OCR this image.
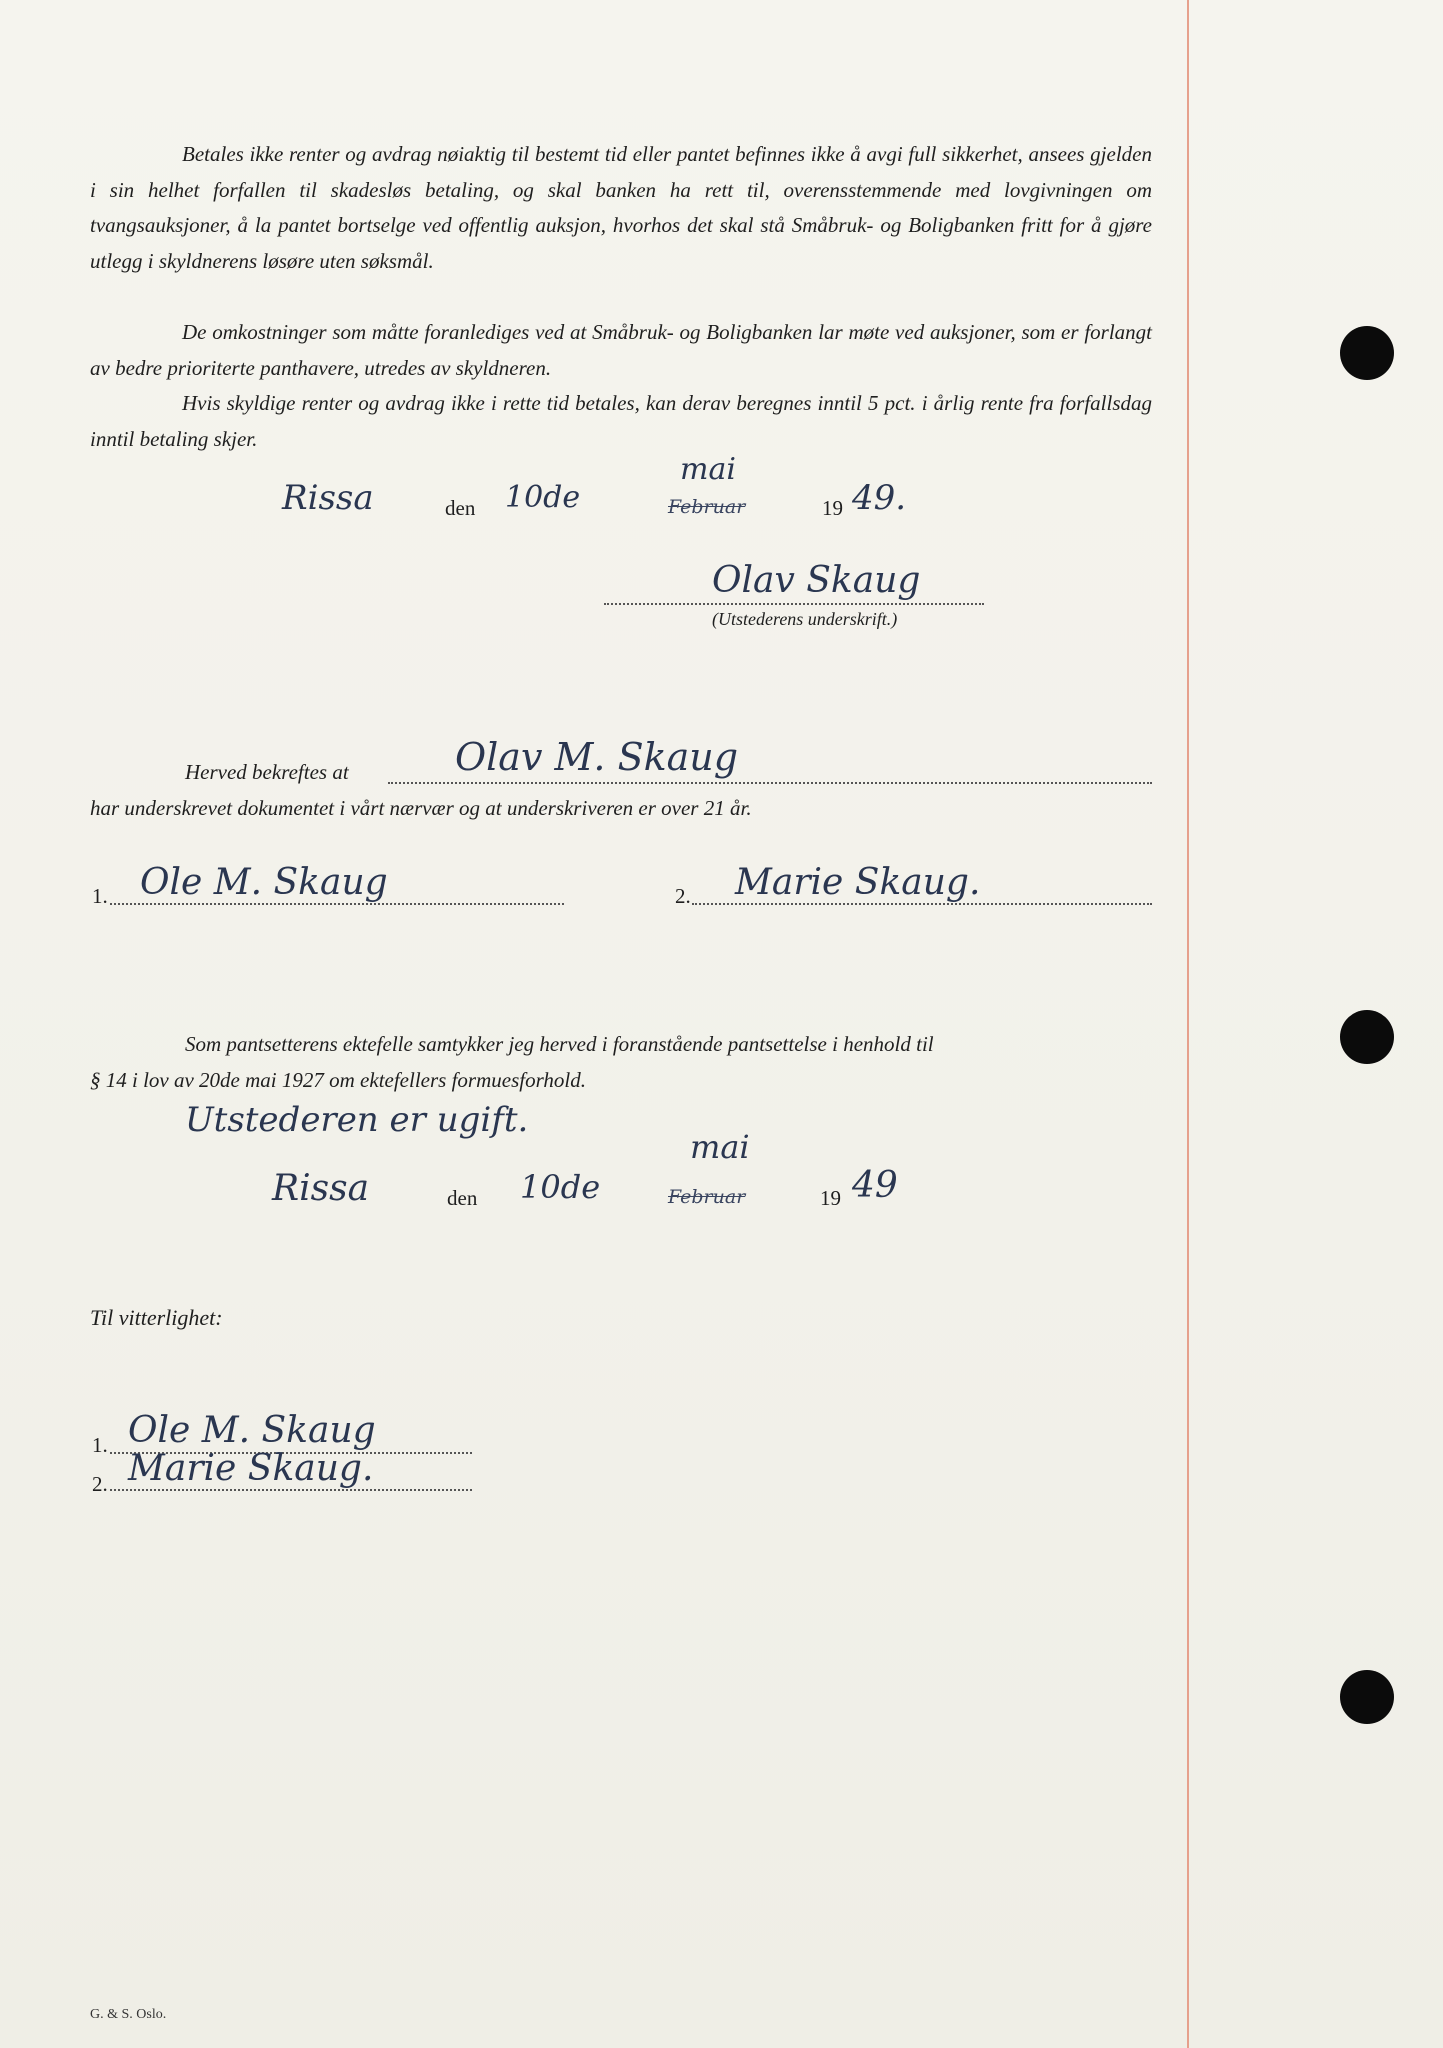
Betales ikke renter og avdrag nøiaktig til bestemt tid eller pantet befinnes ikke å avgi full sikkerhet, ansees gjelden i sin helhet forfallen til skadesløs betaling, og skal banken ha rett til, overensstemmende med lovgivningen om tvangsauksjoner, å la pantet bortselge ved offentlig auksjon, hvorhos det skal stå Småbruk- og Boligbanken fritt for å gjøre utlegg i skyldnerens løsøre uten søksmål.

De omkostninger som måtte foranlediges ved at Småbruk- og Boligbanken lar møte ved auksjoner, som er forlangt av bedre prioriterte panthavere, utredes av skyldneren.

Hvis skyldige renter og avdrag ikke i rette tid betales, kan derav beregnes inntil 5 pct. i årlig rente fra forfallsdag inntil betaling skjer.

Rissa	den 10de
mai
Februar	19 49.
Olav Skaug
(Utstederens underskrift.)
Herved bekreftes at	Olav M. Skaug
har underskrevet dokumentet i vårt nærvær og at underskriveren er over 21 år.
1. Ole M. Skaug	2. Marie Skaug.
Som pantsetterens ektefelle samtykker jeg herved i foranstående pantsettelse i henhold til
§ 14 i lov av 20de mai 1927 om ektefellers formuesforhold.
Utstederen er ugift.
Rissa	den 10de
mai
Februar	19 49
Til vitterlighet:
1. Ole M. Skaug
2. Marie Skaug.
G. & S. Oslo.
